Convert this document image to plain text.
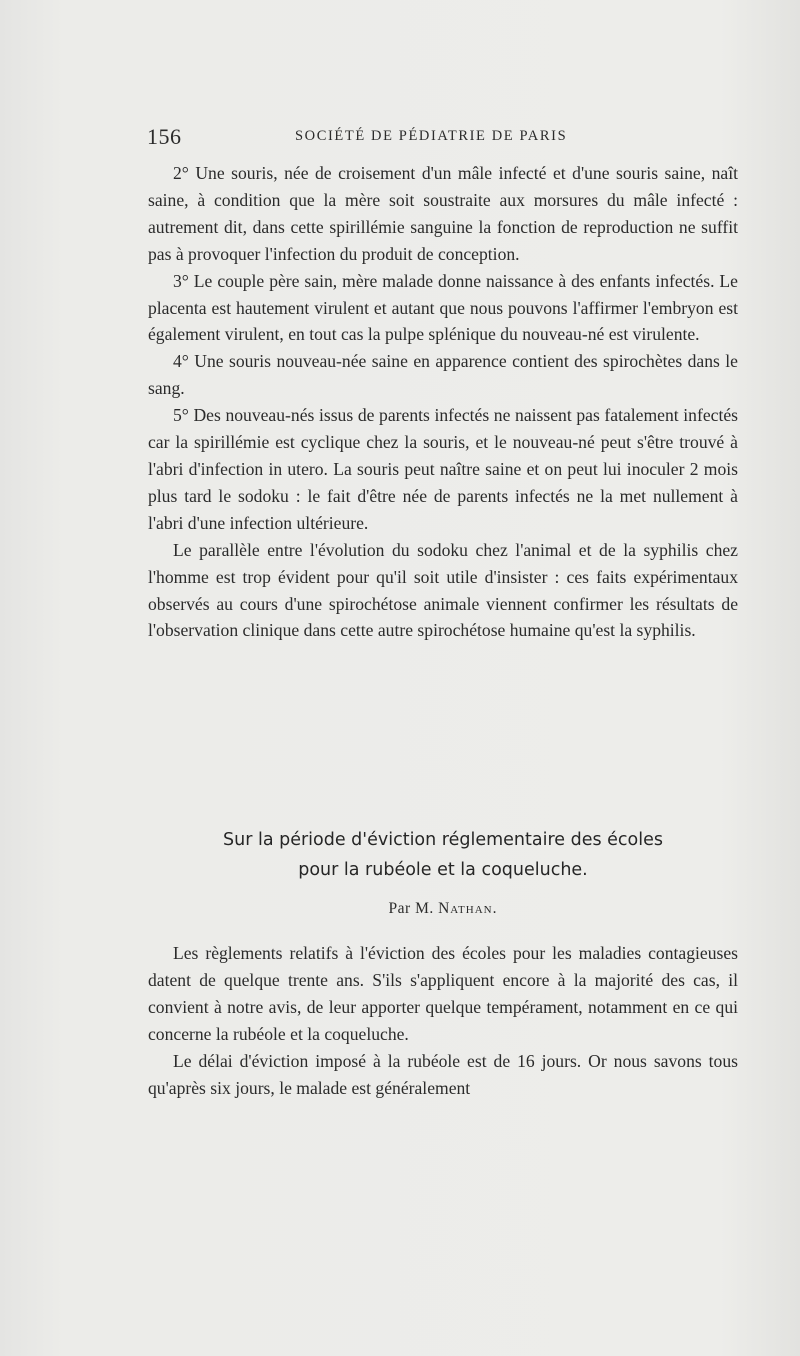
156	SOCIÉTÉ DE PÉDIATRIE DE PARIS

2° Une souris, née de croisement d'un mâle infecté et d'une souris saine, naît saine, à condition que la mère soit soustraite aux morsures du mâle infecté : autrement dit, dans cette spirillémie sanguine la fonction de reproduction ne suffit pas à provoquer l'infection du produit de conception.

3° Le couple père sain, mère malade donne naissance à des enfants infectés. Le placenta est hautement virulent et autant que nous pouvons l'affirmer l'embryon est également virulent, en tout cas la pulpe splénique du nouveau-né est virulente.

4° Une souris nouveau-née saine en apparence contient des spirochètes dans le sang.

5° Des nouveau-nés issus de parents infectés ne naissent pas fatalement infectés car la spirillémie est cyclique chez la souris, et le nouveau-né peut s'être trouvé à l'abri d'infection in utero. La souris peut naître saine et on peut lui inoculer 2 mois plus tard le sodoku : le fait d'être née de parents infectés ne la met nullement à l'abri d'une infection ultérieure.

Le parallèle entre l'évolution du sodoku chez l'animal et de la syphilis chez l'homme est trop évident pour qu'il soit utile d'insister : ces faits expérimentaux observés au cours d'une spirochétose animale viennent confirmer les résultats de l'observation clinique dans cette autre spirochétose humaine qu'est la syphilis.

Sur la période d'éviction réglementaire des écoles
pour la rubéole et la coqueluche.
Par M. Nathan.

Les règlements relatifs à l'éviction des écoles pour les maladies contagieuses datent de quelque trente ans. S'ils s'appliquent encore à la majorité des cas, il convient à notre avis, de leur apporter quelque tempérament, notamment en ce qui concerne la rubéole et la coqueluche.

Le délai d'éviction imposé à la rubéole est de 16 jours. Or nous savons tous qu'après six jours, le malade est généralement
